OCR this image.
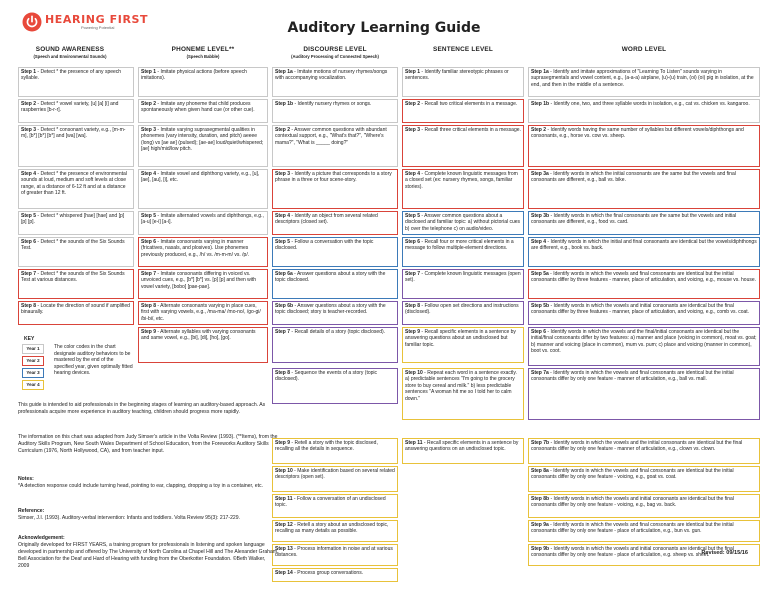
HEARING FIRST
Powering Potential	Auditory Learning Guide
SOUND AWARENESS
(Speech and Environmental Sounds)
PHONEME LEVEL**
(Speech Babble)
DISCOURSE LEVEL
(Auditory Processing of Connected Speech)
SENTENCE LEVEL	WORD LEVEL
Step 1 - Detect * the presence of any speech syllable.
Step 2 - Detect * vowel variety, [u] [a] [i] and raspberries [b-r-r].
Step 3 - Detect * consonant variety, e.g., [m-m-m], [b*] [b*] [b*] and [wa] [wa].
Step 4 - Detect * the presence of environmental sounds at loud, medium and soft levels at close range, at a distance of 6-12 ft and at a distance of greater than 12 ft.
Step 5 - Detect * whispered [hae] [hae] and [p] [p] [p].
Step 6 - Detect * the sounds of the Six Sounds Test.
Step 7 - Detect * the sounds of the Six Sounds Test at various distances.
Step 8 - Locate the direction of sound if amplified binaurally.
Step 1 - Imitate physical actions (before speech imitations).
Step 2 - Imitate any phoneme that child produces spontaneously when given hand cue (or other cue).
Step 3 - Imitate varying suprasegmental qualities in phonemes (vary intensity, duration, and pitch) aeeee (long) vs [ae ae] (pulsed); [ae-ae] loud/quiet/whispered; [ae] high/mid/low pitch.
Step 4 - Imitate vowel and diphthong variety, e.g., [u], [ae], [au], [i], etc.
Step 5 - Imitate alternated vowels and diphthongs, e.g., [a-u] [e-i] [a-i].
Step 6 - Imitate consonants varying in manner (fricatives, nasals, and plosives). Use phonemes previously produced, e.g., /h/ vs. /m-m-m/ vs. /p/.
Step 7 - Imitate consonants differing in voiced vs. unvoiced cues, e.g., [b*] [b*] vs. [p] [p] and then with vowel variety, [bobo] [pae-pae].
Step 8 - Alternate consonants varying in place cues, first with varying vowels, e.g., /ma-ma/ /mo-no/, /go-gi/ /bi-bi/, etc.
Step 9 - Alternate syllables with varying consonants and same vowel, e.g., [bi], [di], [ho], [go].
Step 1a - Imitate motions of nursery rhymes/songs with accompanying vocalization.
Step 1b - Identify nursery rhymes or songs.
Step 2 - Answer common questions with abundant contextual support, e.g., "What's that?", "Where's mama?", "What is _____ doing?"
Step 3 - Identify a picture that corresponds to a story phrase in a three or four scene-story.
Step 4 - Identify an object from several related descriptors (closed set).
Step 5 - Follow a conversation with the topic disclosed.
Step 6a - Answer questions about a story with the topic disclosed.
Step 6b - Answer questions about a story with the topic disclosed; story is teacher-recorded.
Step 7 - Recall details of a story (topic disclosed).
Step 8 - Sequence the events of a story (topic disclosed).
Step 9 - Retell a story with the topic disclosed, recalling all the details in sequence.
Step 10 - Make identification based on several related descriptors (open set).
Step 11 - Follow a conversation of an undisclosed topic.
Step 12 - Retell a story about an undisclosed topic, recalling as many details as possible.
Step 13 - Process information in noise and at various distances.
Step 14 - Process group conversations.
Step 1 - Identify familiar stereotypic phrases or sentences.
Step 2 - Recall two critical elements in a message.
Step 3 - Recall three critical elements in a message.
Step 4 - Complete known linguistic messages from a closed set (ex: nursery rhymes, songs, familiar stories).
Step 5 - Answer common questions about a disclosed and familiar topic: a) without pictorial cues b) over the telephone c) on audio/video.
Step 6 - Recall four or more critical elements in a message to follow multiple-element directions.
Step 7 - Complete known linguistic messages (open set).
Step 8 - Follow open set directions and instructions (disclosed).
Step 9 - Recall specific elements in a sentence by answering questions about an undisclosed but familiar topic.
Step 10 - Repeat each word in a sentence exactly. a) predictable sentences "I'm going to the grocery store to buy cereal and milk." b) less predictable sentences "A woman hit me so I told her to calm down."
Step 11 - Recall specific elements in a sentence by answering questions on an undisclosed topic.
Step 1a - Identify and imitate approximations of "Learning To Listen" sounds varying in suprasegmentals and vowel content, e.g., (a-a-a) airplane, (u)-(u) train, (oi) (oi) pig in isolation, at the end, and then in the middle of a sentence.
Step 1b - Identify one, two, and three syllable words in isolation, e.g., cat vs. chicken vs. kangaroo.
Step 2 - Identify words having the same number of syllables but different vowels/diphthongs and consonants, e.g., horse vs. cow vs. sheep.
Step 3a - Identify words in which the initial consonants are the same but the vowels and final consonants are different, e.g., ball vs. bike.
Step 3b - Identify words in which the final consonants are the same but the vowels and initial consonants are different, e.g., food vs. card.
Step 4 - Identify words in which the initial and final consonants are identical but the vowels/diphthongs are different, e.g., book vs. back.
Step 5a - Identify words in which the vowels and final consonants are identical but the initial consonants differ by three features - manner, place of articulation, and voicing, e.g., mouse vs. house.
Step 5b - Identify words in which the vowels and initial consonants are identical but the final consonants differ by three features - manner, place of articulation, and voicing, e.g., comb vs. coat.
Step 6 - Identify words in which the vowels and the final/initial consonants are identical but the initial/final consonants differ by two features: a) manner and place (voicing in common), moat vs. goat; b) manner and voicing (place in common), mum vs. pum; c) place and voicing (manner in common), boot vs. coot.
Step 7a - Identify words in which the vowels and final consonants are identical but the initial consonants differ by only one feature - manner of articulation, e.g., ball vs. mall.
Step 7b - Identify words in which the vowels and the initial consonants are identical but the final consonants differ by only one feature - manner of articulation, e.g., clown vs. clown.
Step 8a - Identify words in which the vowels and final consonants are identical but the initial consonants differ by only one feature - voicing, e.g., goat vs. coat.
Step 8b - Identify words in which the vowels and initial consonants are identical but the final consonants differ by only one feature - voicing, e.g., bag vs. back.
Step 9a - Identify words in which the vowels and final consonants are identical but the initial consonants differ by only one feature - place of articulation, e.g., bun vs. gun.
Step 9b - Identify words in which the vowels and initial consonants are identical but the final consonants differ by only one feature - place of articulation, e.g. sheep vs. sheet.
KEY
Year 1
Year 2
Year 3
Year 4
The color codes in the chart designate auditory behaviors to be mastered by the end of the specified year, given optimally fitted hearing devices.
This guide is intended to aid professionals in the beginning stages of learning an auditory-based approach. As professionals acquire more experience in auditory teaching, children should progress more rapidly.
The information on this chart was adapted from Judy Simser's article in the Volta Review (1993). (**Items), from the Auditory Skills Program, New South Wales Department of School Education, from the Foreworks Auditory Skills Curriculum (1976, North Hollywood, CA), and from teacher input.
Notes:
*A detection response could include turning head, pointing to ear, clapping, dropping a toy in a container, etc.
Reference:
Simser, J.I. (1993). Auditory-verbal intervention: Infants and toddlers. Volta Review 95(3): 217-229.
Acknowledgement:
Originally developed for FIRST YEARS, a training program for professionals in listening and spoken language developed in partnership and offered by The University of North Carolina at Chapel Hill and The Alexander Graham Bell Association for the Deaf and Hard of Hearing with funding from the Oberkotter Foundation. ©Beth Walker, 2009
Revised: 09/15/16
